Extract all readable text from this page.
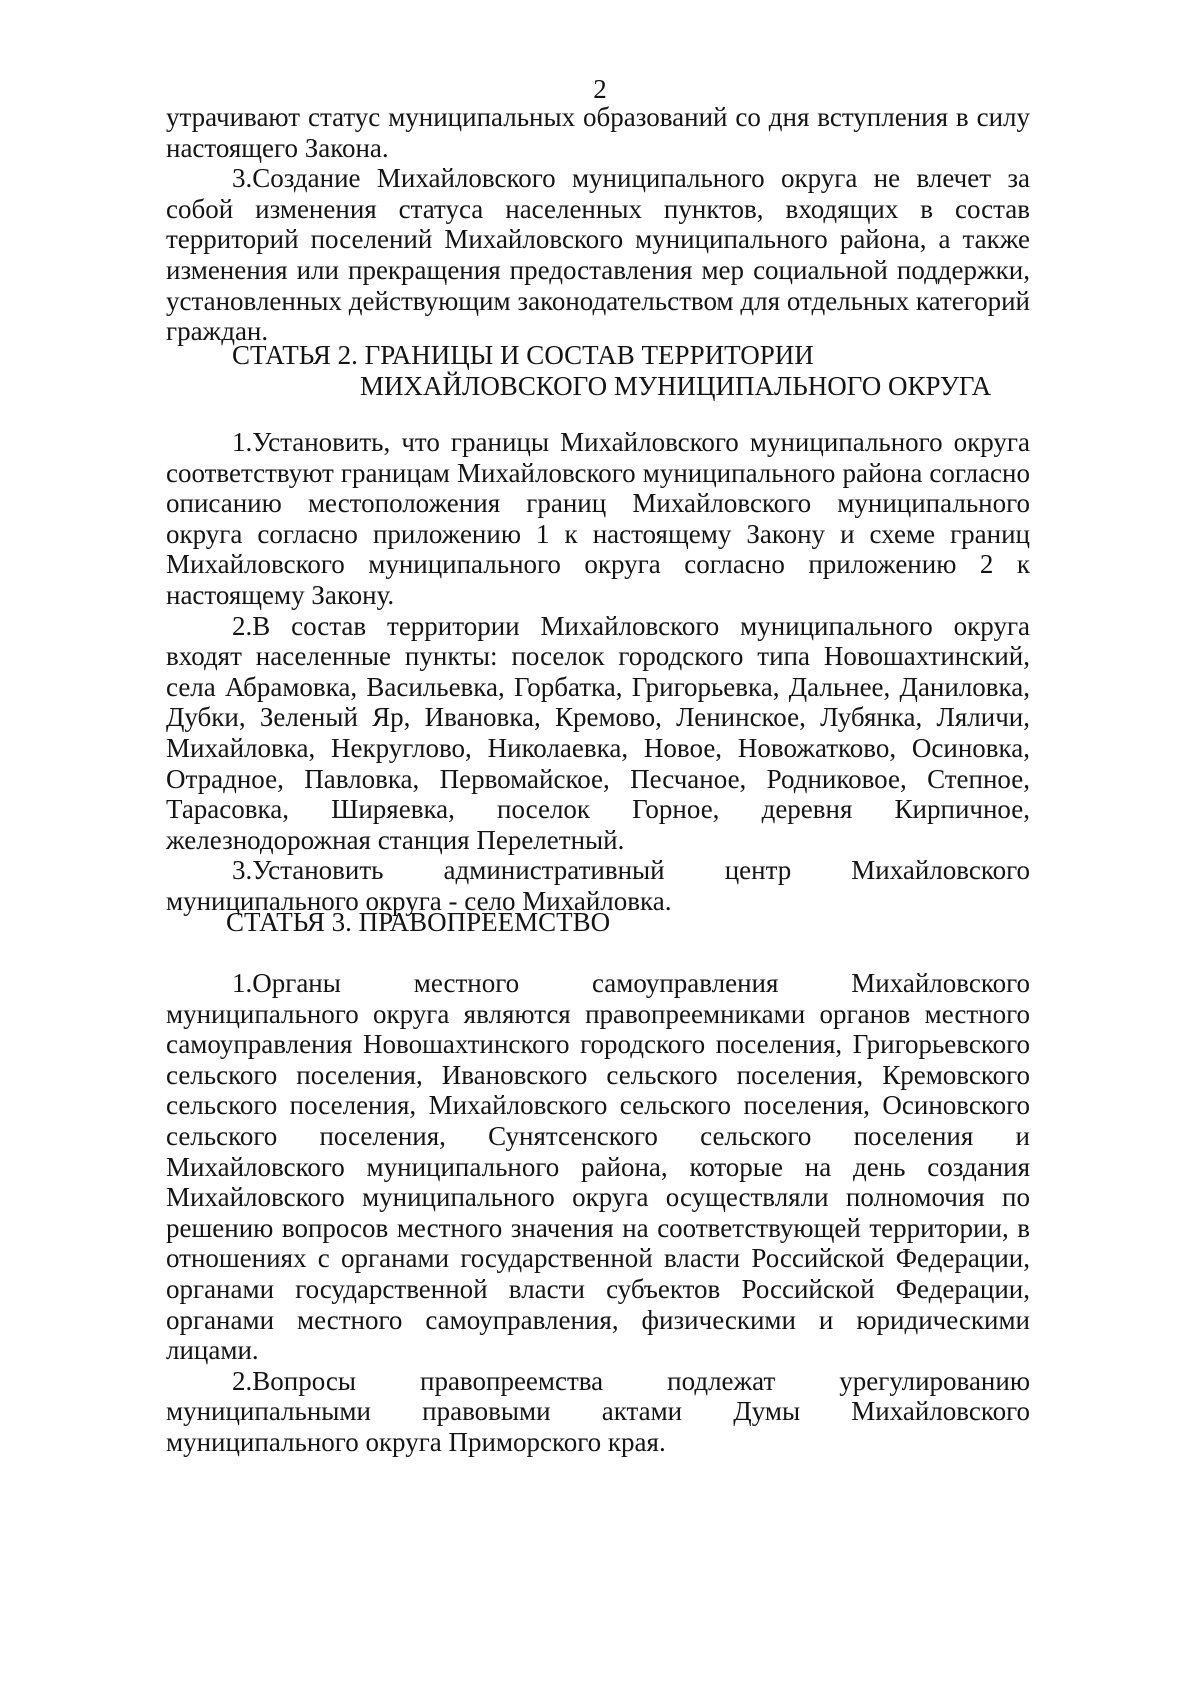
2

утрачивают статус муниципальных образований со дня вступления в силу настоящего Закона.

3.Создание Михайловского муниципального округа не влечет за собой изменения статуса населенных пунктов, входящих в состав территорий поселений Михайловского муниципального района, а также изменения или прекращения предоставления мер социальной поддержки, установленных действующим законодательством для отдельных категорий граждан.

СТАТЬЯ 2. ГРАНИЦЫ И СОСТАВ ТЕРРИТОРИИ
МИХАЙЛОВСКОГО МУНИЦИПАЛЬНОГО ОКРУГА

1.Установить, что границы Михайловского муниципального округа соответствуют границам Михайловского муниципального района согласно описанию местоположения границ Михайловского муниципального округа согласно приложению 1 к настоящему Закону и схеме границ Михайловского муниципального округа согласно приложению 2 к настоящему Закону.

2.В состав территории Михайловского муниципального округа входят населенные пункты: поселок городского типа Новошахтинский, села Абрамовка, Васильевка, Горбатка, Григорьевка, Дальнее, Даниловка, Дубки, Зеленый Яр, Ивановка, Кремово, Ленинское, Лубянка, Ляличи, Михайловка, Некруглово, Николаевка, Новое, Новожатково, Осиновка, Отрадное, Павловка, Первомайское, Песчаное, Родниковое, Степное, Тарасовка, Ширяевка, поселок Горное, деревня Кирпичное, железнодорожная станция Перелетный.

3.Установить административный центр Михайловского муниципального округа - село Михайловка.

СТАТЬЯ 3. ПРАВОПРЕЕМСТВО

1.Органы местного самоуправления Михайловского муниципального округа являются правопреемниками органов местного самоуправления Новошахтинского городского поселения, Григорьевского сельского поселения, Ивановского сельского поселения, Кремовского сельского поселения, Михайловского сельского поселения, Осиновского сельского поселения, Сунятсенского сельского поселения и Михайловского муниципального района, которые на день создания Михайловского муниципального округа осуществляли полномочия по решению вопросов местного значения на соответствующей территории, в отношениях с органами государственной власти Российской Федерации, органами государственной власти субъектов Российской Федерации, органами местного самоуправления, физическими и юридическими лицами.

2.Вопросы правопреемства подлежат урегулированию муниципальными правовыми актами Думы Михайловского муниципального округа Приморского края.
